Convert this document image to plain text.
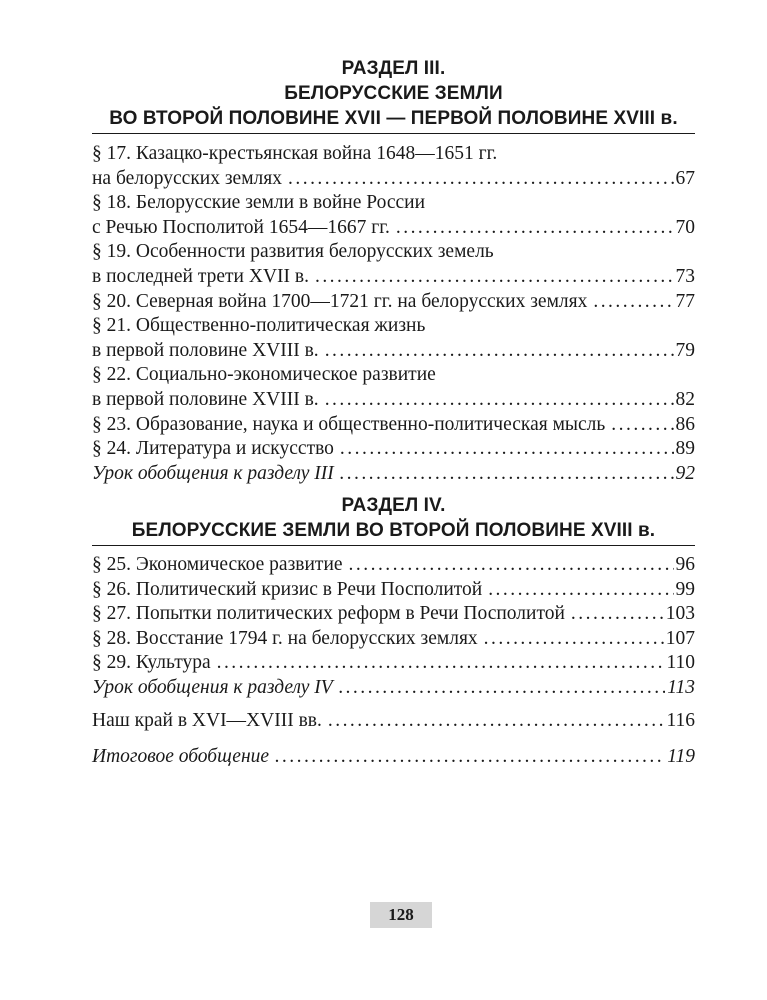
РАЗДЕЛ III.
БЕЛОРУССКИЕ ЗЕМЛИ
ВО ВТОРОЙ ПОЛОВИНЕ XVII — ПЕРВОЙ ПОЛОВИНЕ XVIII в.
§ 17. Казацко-крестьянская война 1648—1651 гг.
на белорусских землях . . .	67
§ 18. Белорусские земли в войне России
с Речью Посполитой 1654—1667 гг. . . .	70
§ 19. Особенности развития белорусских земель
в последней трети XVII в. . . .	73
§ 20. Северная война 1700—1721 гг. на белорусских землях . . .	77
§ 21. Общественно-политическая жизнь
в первой половине XVIII в. . . .	79
§ 22. Социально-экономическое развитие
в первой половине XVIII в. . . .	82
§ 23. Образование, наука и общественно-политическая мысль . . .	86
§ 24. Литература и искусство . . .	89
Урок обобщения к разделу III . . .	92
РАЗДЕЛ IV.
БЕЛОРУССКИЕ ЗЕМЛИ ВО ВТОРОЙ ПОЛОВИНЕ XVIII в.
§ 25. Экономическое развитие . . .	96
§ 26. Политический кризис в Речи Посполитой . . .	99
§ 27. Попытки политических реформ в Речи Посполитой . . .	103
§ 28. Восстание 1794 г. на белорусских землях . . .	107
§ 29. Культура . . .	110
Урок обобщения к разделу IV . . .	113
Наш край в XVI—XVIII вв. . . .	116
Итоговое обобщение . . .	119
128
